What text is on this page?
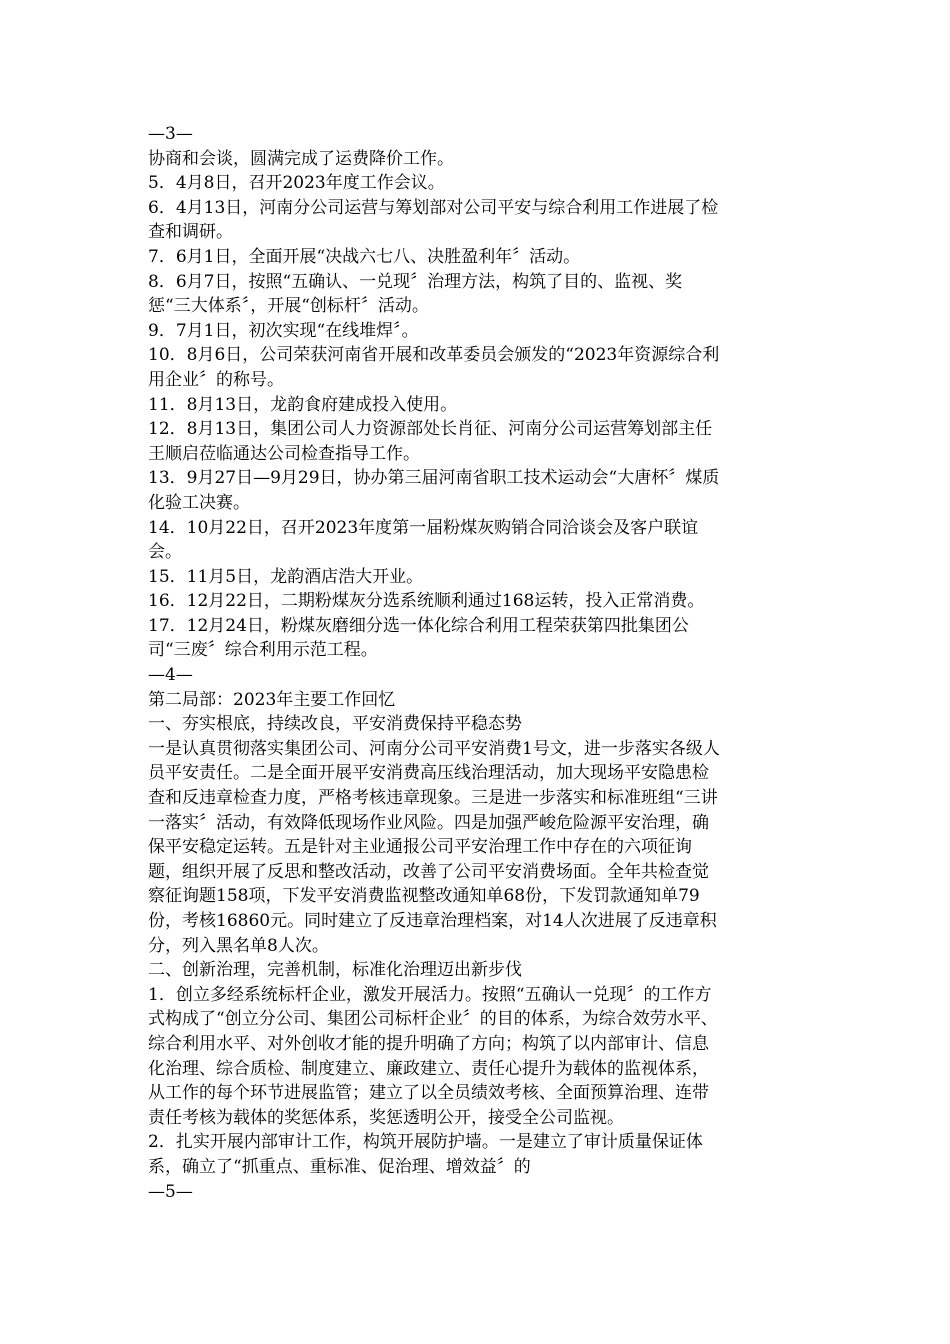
—3—
协商和会谈，圆满完成了运费降价工作。
5．4月8日，召开2023年度工作会议。
6．4月13日，河南分公司运营与筹划部对公司平安与综合利用工作进展了检
查和调研。
7．6月1日，全面开展“决战六七八、决胜盈利年〞活动。
8．6月7日，按照“五确认、一兑现〞治理方法，构筑了目的、监视、奖
惩“三大体系〞，开展“创标杆〞活动。
9．7月1日，初次实现“在线堆焊〞。
10．8月6日，公司荣获河南省开展和改革委员会颁发的“2023年资源综合利
用企业〞的称号。
11．8月13日，龙韵食府建成投入使用。
12．8月13日，集团公司人力资源部处长肖征、河南分公司运营筹划部主任
王顺启莅临通达公司检查指导工作。
13．9月27日—9月29日，协办第三届河南省职工技术运动会“大唐杯〞煤质
化验工决赛。
14．10月22日，召开2023年度第一届粉煤灰购销合同洽谈会及客户联谊
会。
15．11月5日，龙韵酒店浩大开业。
16．12月22日，二期粉煤灰分选系统顺利通过168运转，投入正常消费。
17．12月24日，粉煤灰磨细分选一体化综合利用工程荣获第四批集团公
司“三废〞综合利用示范工程。
—4—
第二局部：2023年主要工作回忆
一、夯实根底，持续改良，平安消费保持平稳态势
一是认真贯彻落实集团公司、河南分公司平安消费1号文，进一步落实各级人
员平安责任。二是全面开展平安消费高压线治理活动，加大现场平安隐患检
查和反违章检查力度，严格考核违章现象。三是进一步落实和标准班组“三讲
一落实〞活动，有效降低现场作业风险。四是加强严峻危险源平安治理，确
保平安稳定运转。五是针对主业通报公司平安治理工作中存在的六项征询
题，组织开展了反思和整改活动，改善了公司平安消费场面。全年共检查觉
察征询题158项，下发平安消费监视整改通知单68份，下发罚款通知单79
份，考核16860元。同时建立了反违章治理档案，对14人次进展了反违章积
分，列入黑名单8人次。
二、创新治理，完善机制，标准化治理迈出新步伐
1．创立多经系统标杆企业，激发开展活力。按照“五确认一兑现〞的工作方
式构成了“创立分公司、集团公司标杆企业〞的目的体系，为综合效劳水平、
综合利用水平、对外创收才能的提升明确了方向；构筑了以内部审计、信息
化治理、综合质检、制度建立、廉政建立、责任心提升为载体的监视体系，
从工作的每个环节进展监管；建立了以全员绩效考核、全面预算治理、连带
责任考核为载体的奖惩体系，奖惩透明公开，接受全公司监视。
2．扎实开展内部审计工作，构筑开展防护墙。一是建立了审计质量保证体
系，确立了“抓重点、重标准、促治理、增效益〞的
—5—
